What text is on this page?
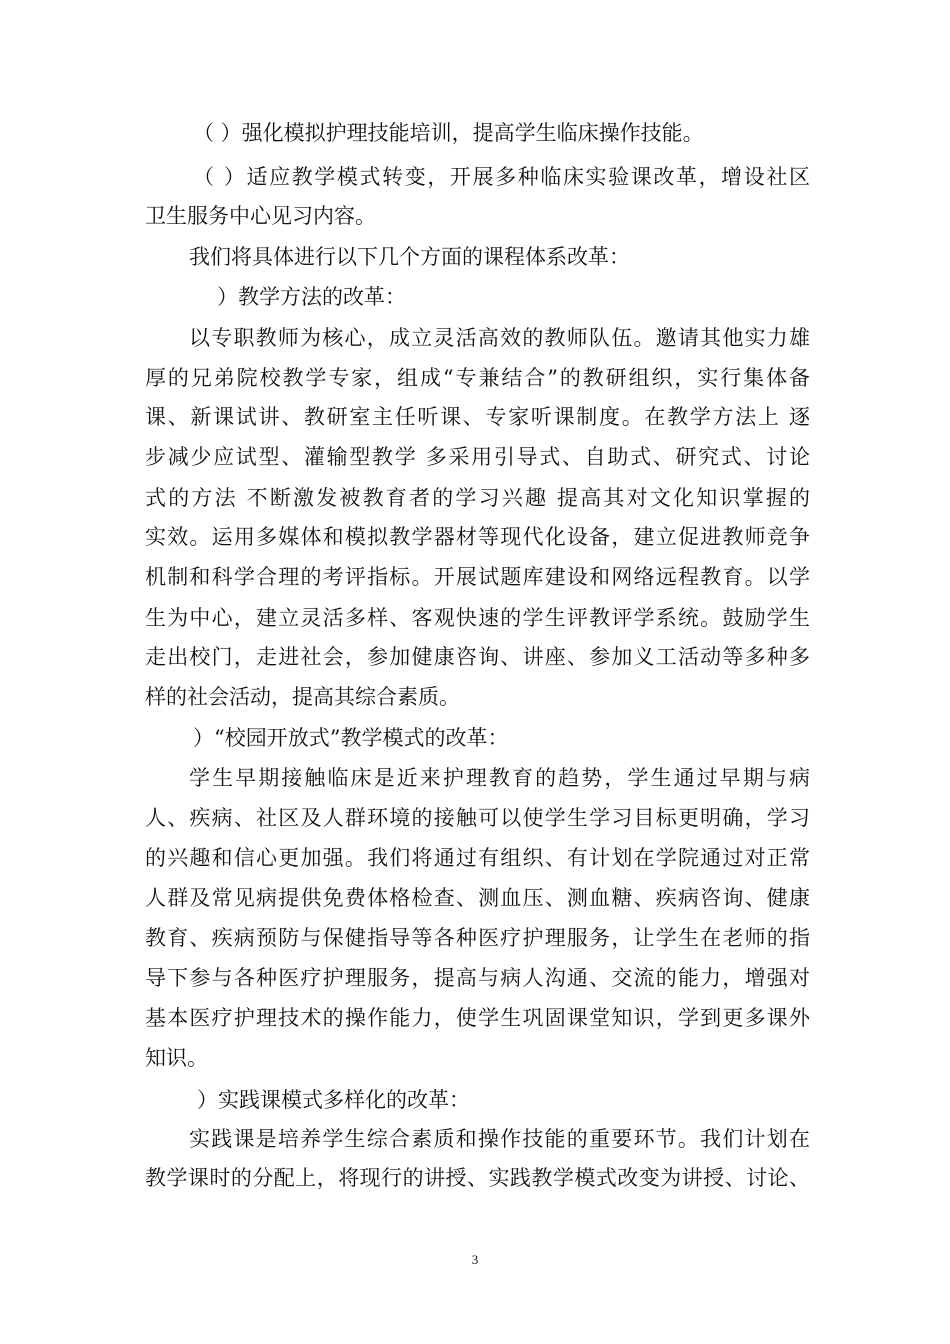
（ ）强化模拟护理技能培训，提高学生临床操作技能。
（ ）适应教学模式转变，开展多种临床实验课改革，增设社区
卫生服务中心见习内容。
我们将具体进行以下几个方面的课程体系改革：
）教学方法的改革：
以专职教师为核心，成立灵活高效的教师队伍。邀请其他实力雄
厚的兄弟院校教学专家，组成“专兼结合”的教研组织，实行集体备
课、新课试讲、教研室主任听课、专家听课制度。在教学方法上 逐
步减少应试型、灌输型教学 多采用引导式、自助式、研究式、讨论
式的方法 不断激发被教育者的学习兴趣 提高其对文化知识掌握的
实效。运用多媒体和模拟教学器材等现代化设备，建立促进教师竞争
机制和科学合理的考评指标。开展试题库建设和网络远程教育。以学
生为中心，建立灵活多样、客观快速的学生评教评学系统。鼓励学生
走出校门，走进社会，参加健康咨询、讲座、参加义工活动等多种多
样的社会活动，提高其综合素质。
）“校园开放式”教学模式的改革：
学生早期接触临床是近来护理教育的趋势，学生通过早期与病
人、疾病、社区及人群环境的接触可以使学生学习目标更明确，学习
的兴趣和信心更加强。我们将通过有组织、有计划在学院通过对正常
人群及常见病提供免费体格检查、测血压、测血糖、疾病咨询、健康
教育、疾病预防与保健指导等各种医疗护理服务，让学生在老师的指
导下参与各种医疗护理服务，提高与病人沟通、交流的能力，增强对
基本医疗护理技术的操作能力，使学生巩固课堂知识，学到更多课外
知识。
）实践课模式多样化的改革：
实践课是培养学生综合素质和操作技能的重要环节。我们计划在
教学课时的分配上，将现行的讲授、实践教学模式改变为讲授、讨论、
3
